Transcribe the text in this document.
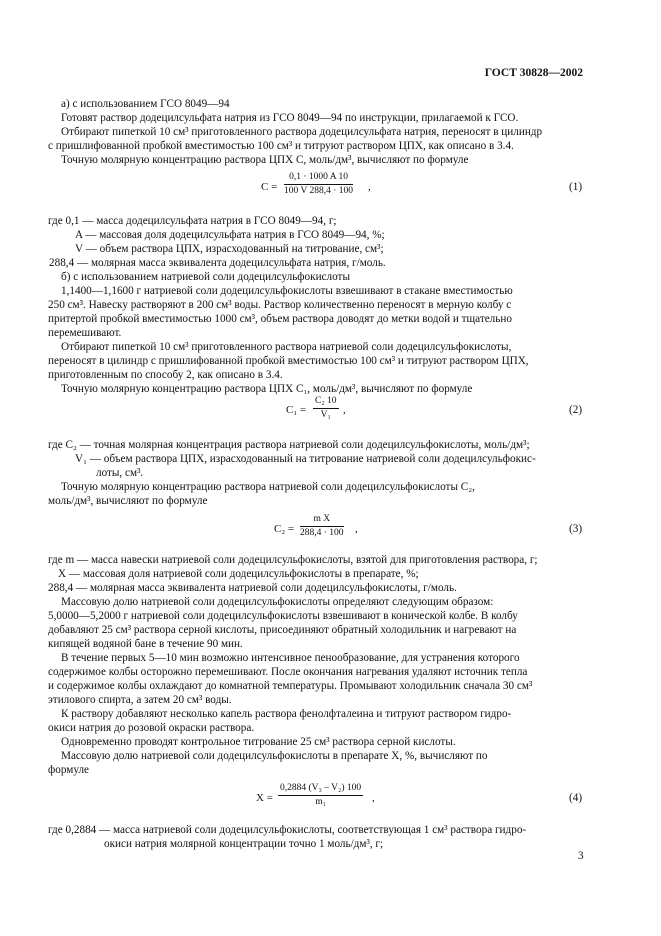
ГОСТ 30828—2002
а) с использованием ГСО 8049—94
Готовят раствор додецилсульфата натрия из ГСО 8049—94 по инструкции, прилагаемой к ГСО.
Отбирают пипеткой 10 см³ приготовленного раствора додецилсульфата натрия, переносят в цилиндр
с пришлифованной пробкой вместимостью 100 см³ и титруют раствором ЦПХ, как описано в 3.4.
Точную молярную концентрацию раствора ЦПХ C, моль/дм³, вычисляют по формуле
$C = \frac{0,1 \cdot 1000 A 10}{100 V 288,4 \cdot 100}$ ,	(1)
где 0,1 — масса додецилсульфата натрия в ГСО 8049—94, г;
A — массовая доля додецилсульфата натрия в ГСО 8049—94, %;
V — объем раствора ЦПХ, израсходованный на титрование, см³;
288,4 — молярная масса эквивалента додецилсульфата натрия, г/моль.
б) с использованием натриевой соли додецилсульфокислоты
1,1400—1,1600 г натриевой соли додецилсульфокислоты взвешивают в стакане вместимостью
250 см³. Навеску растворяют в 200 см³ воды. Раствор количественно переносят в мерную колбу с
притертой пробкой вместимостью 1000 см³, объем раствора доводят до метки водой и тщательно
перемешивают.
Отбирают пипеткой 10 см³ приготовленного раствора натриевой соли додецилсульфокислоты,
переносят в цилиндр с пришлифованной пробкой вместимостью 100 см³ и титруют раствором ЦПХ,
приготовленным по способу 2, как описано в 3.4.
Точную молярную концентрацию раствора ЦПХ C₁, моль/дм³, вычисляют по формуле
$C_1 = \frac{\text{C₂ 10}}{\text{V₁}}$ ,	(2)
где C₂ — точная молярная концентрация раствора натриевой соли додецилсульфокислоты, моль/дм³;
V₁ — объем раствора ЦПХ, израсходованный на титрование натриевой соли додецилсульфокис-
лоты, см³.
Точную молярную концентрацию раствора натриевой соли додецилсульфокислоты C₂,
моль/дм³, вычисляют по формуле
$C_2 = \frac{\text{m X}}{288,4 \cdot 100}$ ,	(3)
где m — масса навески натриевой соли додецилсульфокислоты, взятой для приготовления раствора, г;
X — массовая доля натриевой соли додецилсульфокислоты в препарате, %;
288,4 — молярная масса эквивалента натриевой соли додецилсульфокислоты, г/моль.
Массовую долю натриевой соли додецилсульфокислоты определяют следующим образом:
5,0000—5,2000 г натриевой соли додецилсульфокислоты взвешивают в конической колбе. В колбу
добавляют 25 см³ раствора серной кислоты, присоединяют обратный холодильник и нагревают на
кипящей водяной бане в течение 90 мин.
В течение первых 5—10 мин возможно интенсивное пенообразование, для устранения которого
содержимое колбы осторожно перемешивают. После окончания нагревания удаляют источник тепла
и содержимое колбы охлаждают до комнатной температуры. Промывают холодильник сначала 30 см³
этилового спирта, а затем 20 см³ воды.
К раствору добавляют несколько капель раствора фенолфталеина и титруют раствором гидро-
окиси натрия до розовой окраски раствора.
Одновременно проводят контрольное титрование 25 см³ раствора серной кислоты.
Массовую долю натриевой соли додецилсульфокислоты в препарате X, %, вычисляют по
формуле
$X = \frac{\text{0,2884 (V₃ – V₂) 100}}{\text{m₁}}$ ,	(4)
где 0,2884 — масса натриевой соли додецилсульфокислоты, соответствующая 1 см³ раствора гидро-
окиси натрия молярной концентрации точно 1 моль/дм³, г;
3
